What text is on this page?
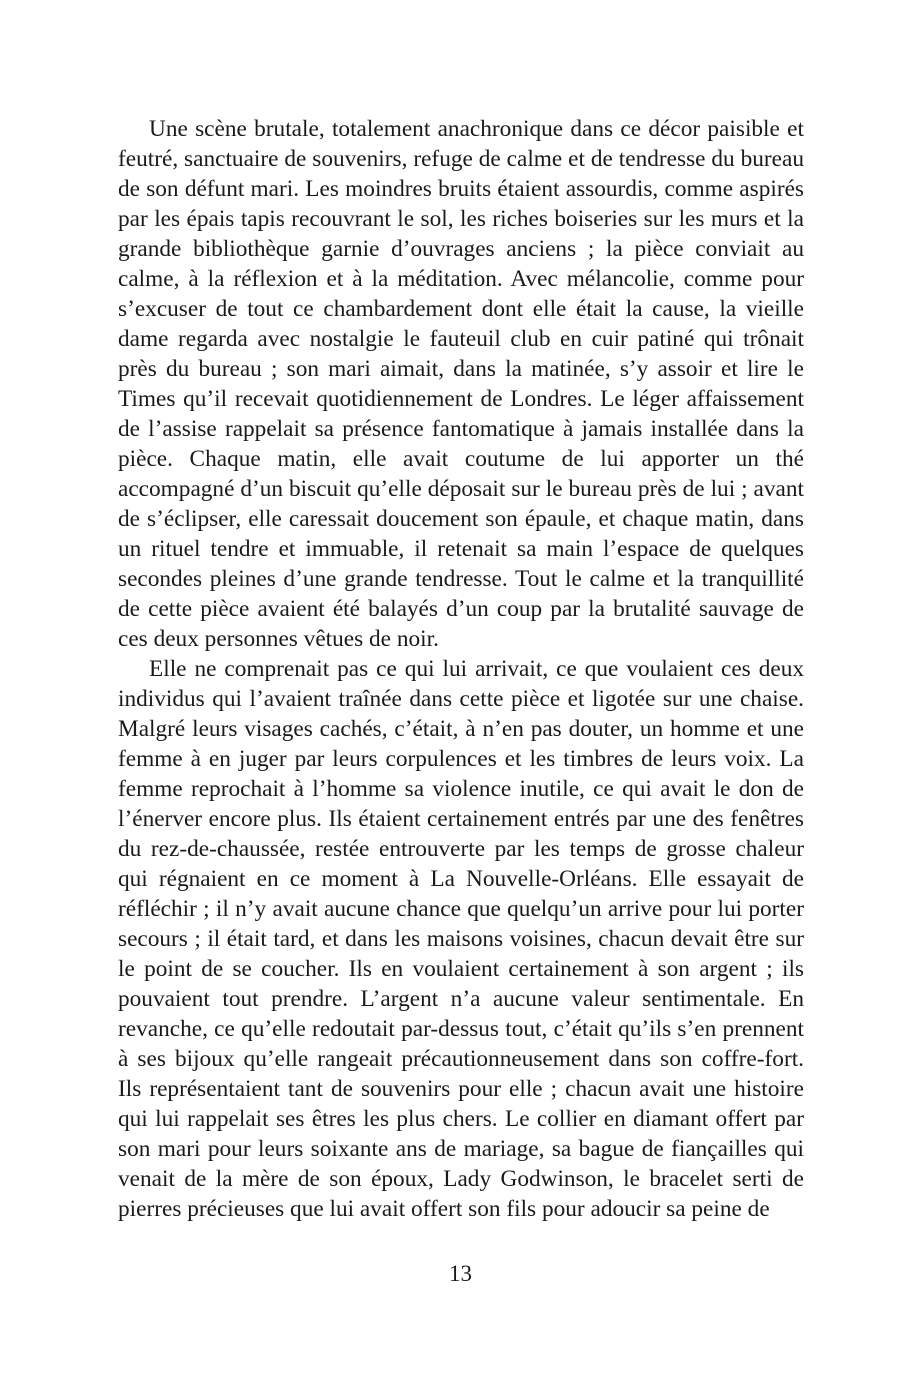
Une scène brutale, totalement anachronique dans ce décor paisible et feutré, sanctuaire de souvenirs, refuge de calme et de tendresse du bureau de son défunt mari. Les moindres bruits étaient assourdis, comme aspirés par les épais tapis recouvrant le sol, les riches boiseries sur les murs et la grande bibliothèque garnie d’ouvrages anciens ; la pièce conviait au calme, à la réflexion et à la méditation. Avec mélancolie, comme pour s’excuser de tout ce chambardement dont elle était la cause, la vieille dame regarda avec nostalgie le fauteuil club en cuir patiné qui trônait près du bureau ; son mari aimait, dans la matinée, s’y assoir et lire le Times qu’il recevait quotidiennement de Londres. Le léger affaissement de l’assise rappelait sa présence fantomatique à jamais installée dans la pièce. Chaque matin, elle avait coutume de lui apporter un thé accompagné d’un biscuit qu’elle déposait sur le bureau près de lui ; avant de s’éclipser, elle caressait doucement son épaule, et chaque matin, dans un rituel tendre et immuable, il retenait sa main l’espace de quelques secondes pleines d’une grande tendresse. Tout le calme et la tranquillité de cette pièce avaient été balayés d’un coup par la brutalité sauvage de ces deux personnes vêtues de noir.

Elle ne comprenait pas ce qui lui arrivait, ce que voulaient ces deux individus qui l’avaient traînée dans cette pièce et ligotée sur une chaise. Malgré leurs visages cachés, c’était, à n’en pas douter, un homme et une femme à en juger par leurs corpulences et les timbres de leurs voix. La femme reprochait à l’homme sa violence inutile, ce qui avait le don de l’énerver encore plus. Ils étaient certainement entrés par une des fenêtres du rez-de-chaussée, restée entrouverte par les temps de grosse chaleur qui régnaient en ce moment à La Nouvelle-Orléans. Elle essayait de réfléchir ; il n’y avait aucune chance que quelqu’un arrive pour lui porter secours ; il était tard, et dans les maisons voisines, chacun devait être sur le point de se coucher. Ils en voulaient certainement à son argent ; ils pouvaient tout prendre. L’argent n’a aucune valeur sentimentale. En revanche, ce qu’elle redoutait par-dessus tout, c’était qu’ils s’en prennent à ses bijoux qu’elle rangeait précautionneusement dans son coffre-fort. Ils représentaient tant de souvenirs pour elle ; chacun avait une histoire qui lui rappelait ses êtres les plus chers. Le collier en diamant offert par son mari pour leurs soixante ans de mariage, sa bague de fiançailles qui venait de la mère de son époux, Lady Godwinson, le bracelet serti de pierres précieuses que lui avait offert son fils pour adoucir sa peine de

13
